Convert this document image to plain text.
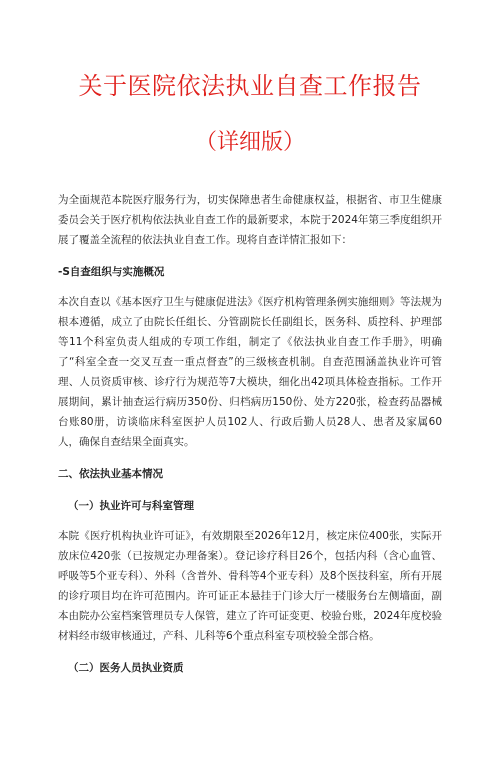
关于医院依法执业自查工作报告
（详细版）

为全面规范本院医疗服务行为，切实保障患者生命健康权益，根据省、市卫生健康委员会关于医疗机构依法执业自查工作的最新要求，本院于2024年第三季度组织开展了覆盖全流程的依法执业自查工作。现将自查详情汇报如下：

-S自查组织与实施概况

本次自查以《基本医疗卫生与健康促进法》《医疗机构管理条例实施细则》等法规为根本遵循，成立了由院长任组长、分管副院长任副组长，医务科、质控科、护理部等11个科室负责人组成的专项工作组，制定了《依法执业自查工作手册》，明确了“科室全查一交叉互查一重点督查”的三级核查机制。自查范围涵盖执业许可管理、人员资质审核、诊疗行为规范等7大模块，细化出42项具体检查指标。工作开展期间，累计抽查运行病历350份、归档病历150份、处方220张，检查药品器械台账80册，访谈临床科室医护人员102人、行政后勤人员28人、患者及家属60人，确保自查结果全面真实。

二、依法执业基本情况

（一）执业许可与科室管理

本院《医疗机构执业许可证》，有效期限至2026年12月，核定床位400张，实际开放床位420张（已按规定办理备案）。登记诊疗科目26个，包括内科（含心血管、呼吸等5个亚专科）、外科（含普外、骨科等4个亚专科）及8个医技科室，所有开展的诊疗项目均在许可范围内。许可证正本悬挂于门诊大厅一楼服务台左侧墙面，副本由院办公室档案管理员专人保管，建立了许可证变更、校验台账，2024年度校验材料经市级审核通过，产科、儿科等6个重点科室专项校验全部合格。

（二）医务人员执业资质
